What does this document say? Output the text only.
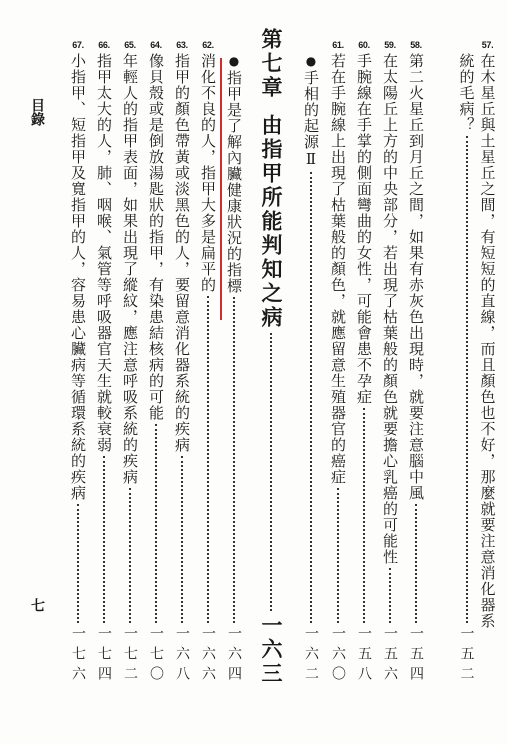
目錄
七
57.
在木星丘與土星丘之間，有短短的直線，而且顏色也不好，那麼就要注意消化器系
統的毛病？
一五二
58.
第二火星丘到月丘之間，如果有赤灰色出現時，就要注意腦中風
一五四
59.
在太陽丘上方的中央部分，若出現了枯葉般的顏色就要擔心乳癌的可能性
一五六
60.
手腕線在手掌的側面彎曲的女性，可能會患不孕症
一五八
61.
若在手腕線上出現了枯葉般的顏色，就應留意生殖器官的癌症
一六〇
●
手相的起源Ⅱ
一六二
第七章
由指甲所能判知之病
一六三
●
指甲是了解內臟健康狀況的指標
一六四
62.
消化不良的人，指甲大多是扁平的
一六六
63.
指甲的顏色帶黃或淡黑色的人，要留意消化器系統的疾病
一六八
64.
像貝殼或是倒放湯匙狀的指甲，有染患結核病的可能
一七〇
65.
年輕人的指甲表面，如果出現了縱紋，應注意呼吸系統的疾病
一七二
66.
指甲太大的人，肺、咽喉、氣管等呼吸器官天生就較衰弱
一七四
67.
小指甲、短指甲及寬指甲的人，容易患心臟病等循環系統的疾病
一七六
